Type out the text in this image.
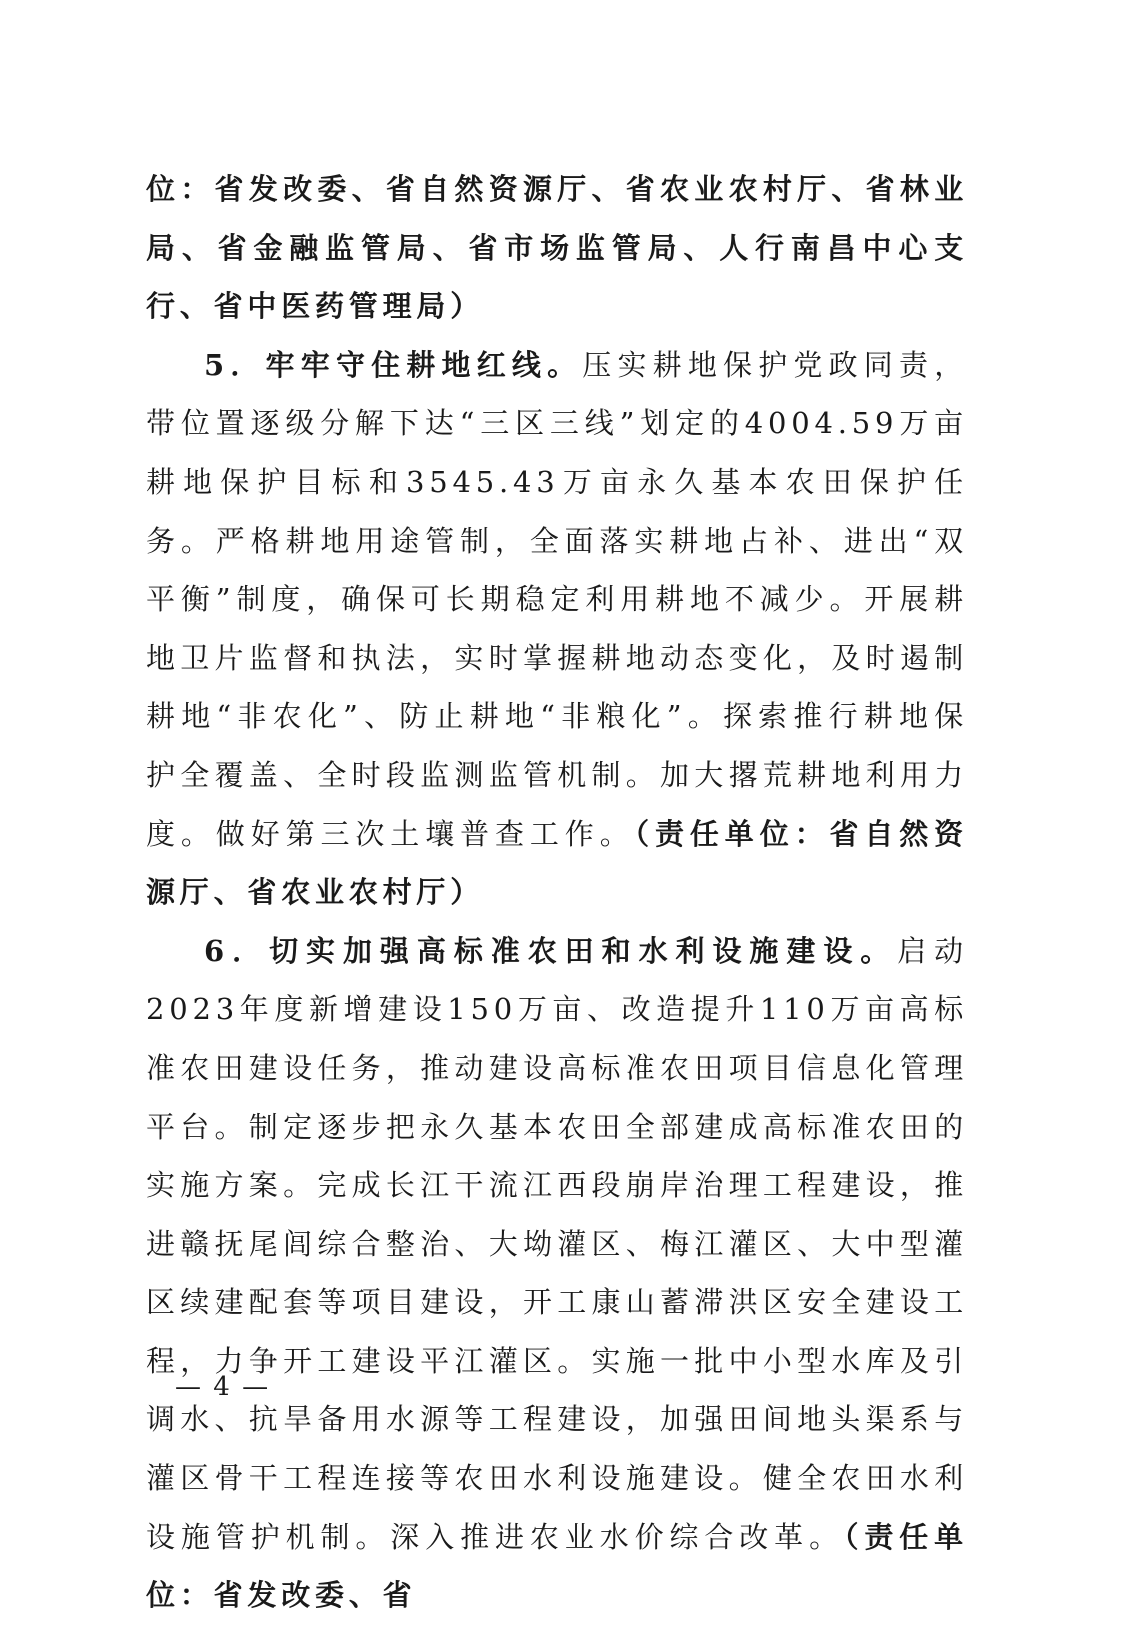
位：省发改委、省自然资源厅、省农业农村厅、省林业局、省金融监管局、省市场监管局、人行南昌中心支行、省中医药管理局）

5．牢牢守住耕地红线。压实耕地保护党政同责，带位置逐级分解下达“三区三线”划定的4004.59万亩耕地保护目标和3545.43万亩永久基本农田保护任务。严格耕地用途管制，全面落实耕地占补、进出“双平衡”制度，确保可长期稳定利用耕地不减少。开展耕地卫片监督和执法，实时掌握耕地动态变化，及时遏制耕地“非农化”、防止耕地“非粮化”。探索推行耕地保护全覆盖、全时段监测监管机制。加大撂荒耕地利用力度。做好第三次土壤普查工作。（责任单位：省自然资源厅、省农业农村厅）

6．切实加强高标准农田和水利设施建设。启动2023年度新增建设150万亩、改造提升110万亩高标准农田建设任务，推动建设高标准农田项目信息化管理平台。制定逐步把永久基本农田全部建成高标准农田的实施方案。完成长江干流江西段崩岸治理工程建设，推进赣抚尾闾综合整治、大坳灌区、梅江灌区、大中型灌区续建配套等项目建设，开工康山蓄滞洪区安全建设工程，力争开工建设平江灌区。实施一批中小型水库及引调水、抗旱备用水源等工程建设，加强田间地头渠系与灌区骨干工程连接等农田水利设施建设。健全农田水利设施管护机制。深入推进农业水价综合改革。（责任单位：省发改委、省

— 4 —
